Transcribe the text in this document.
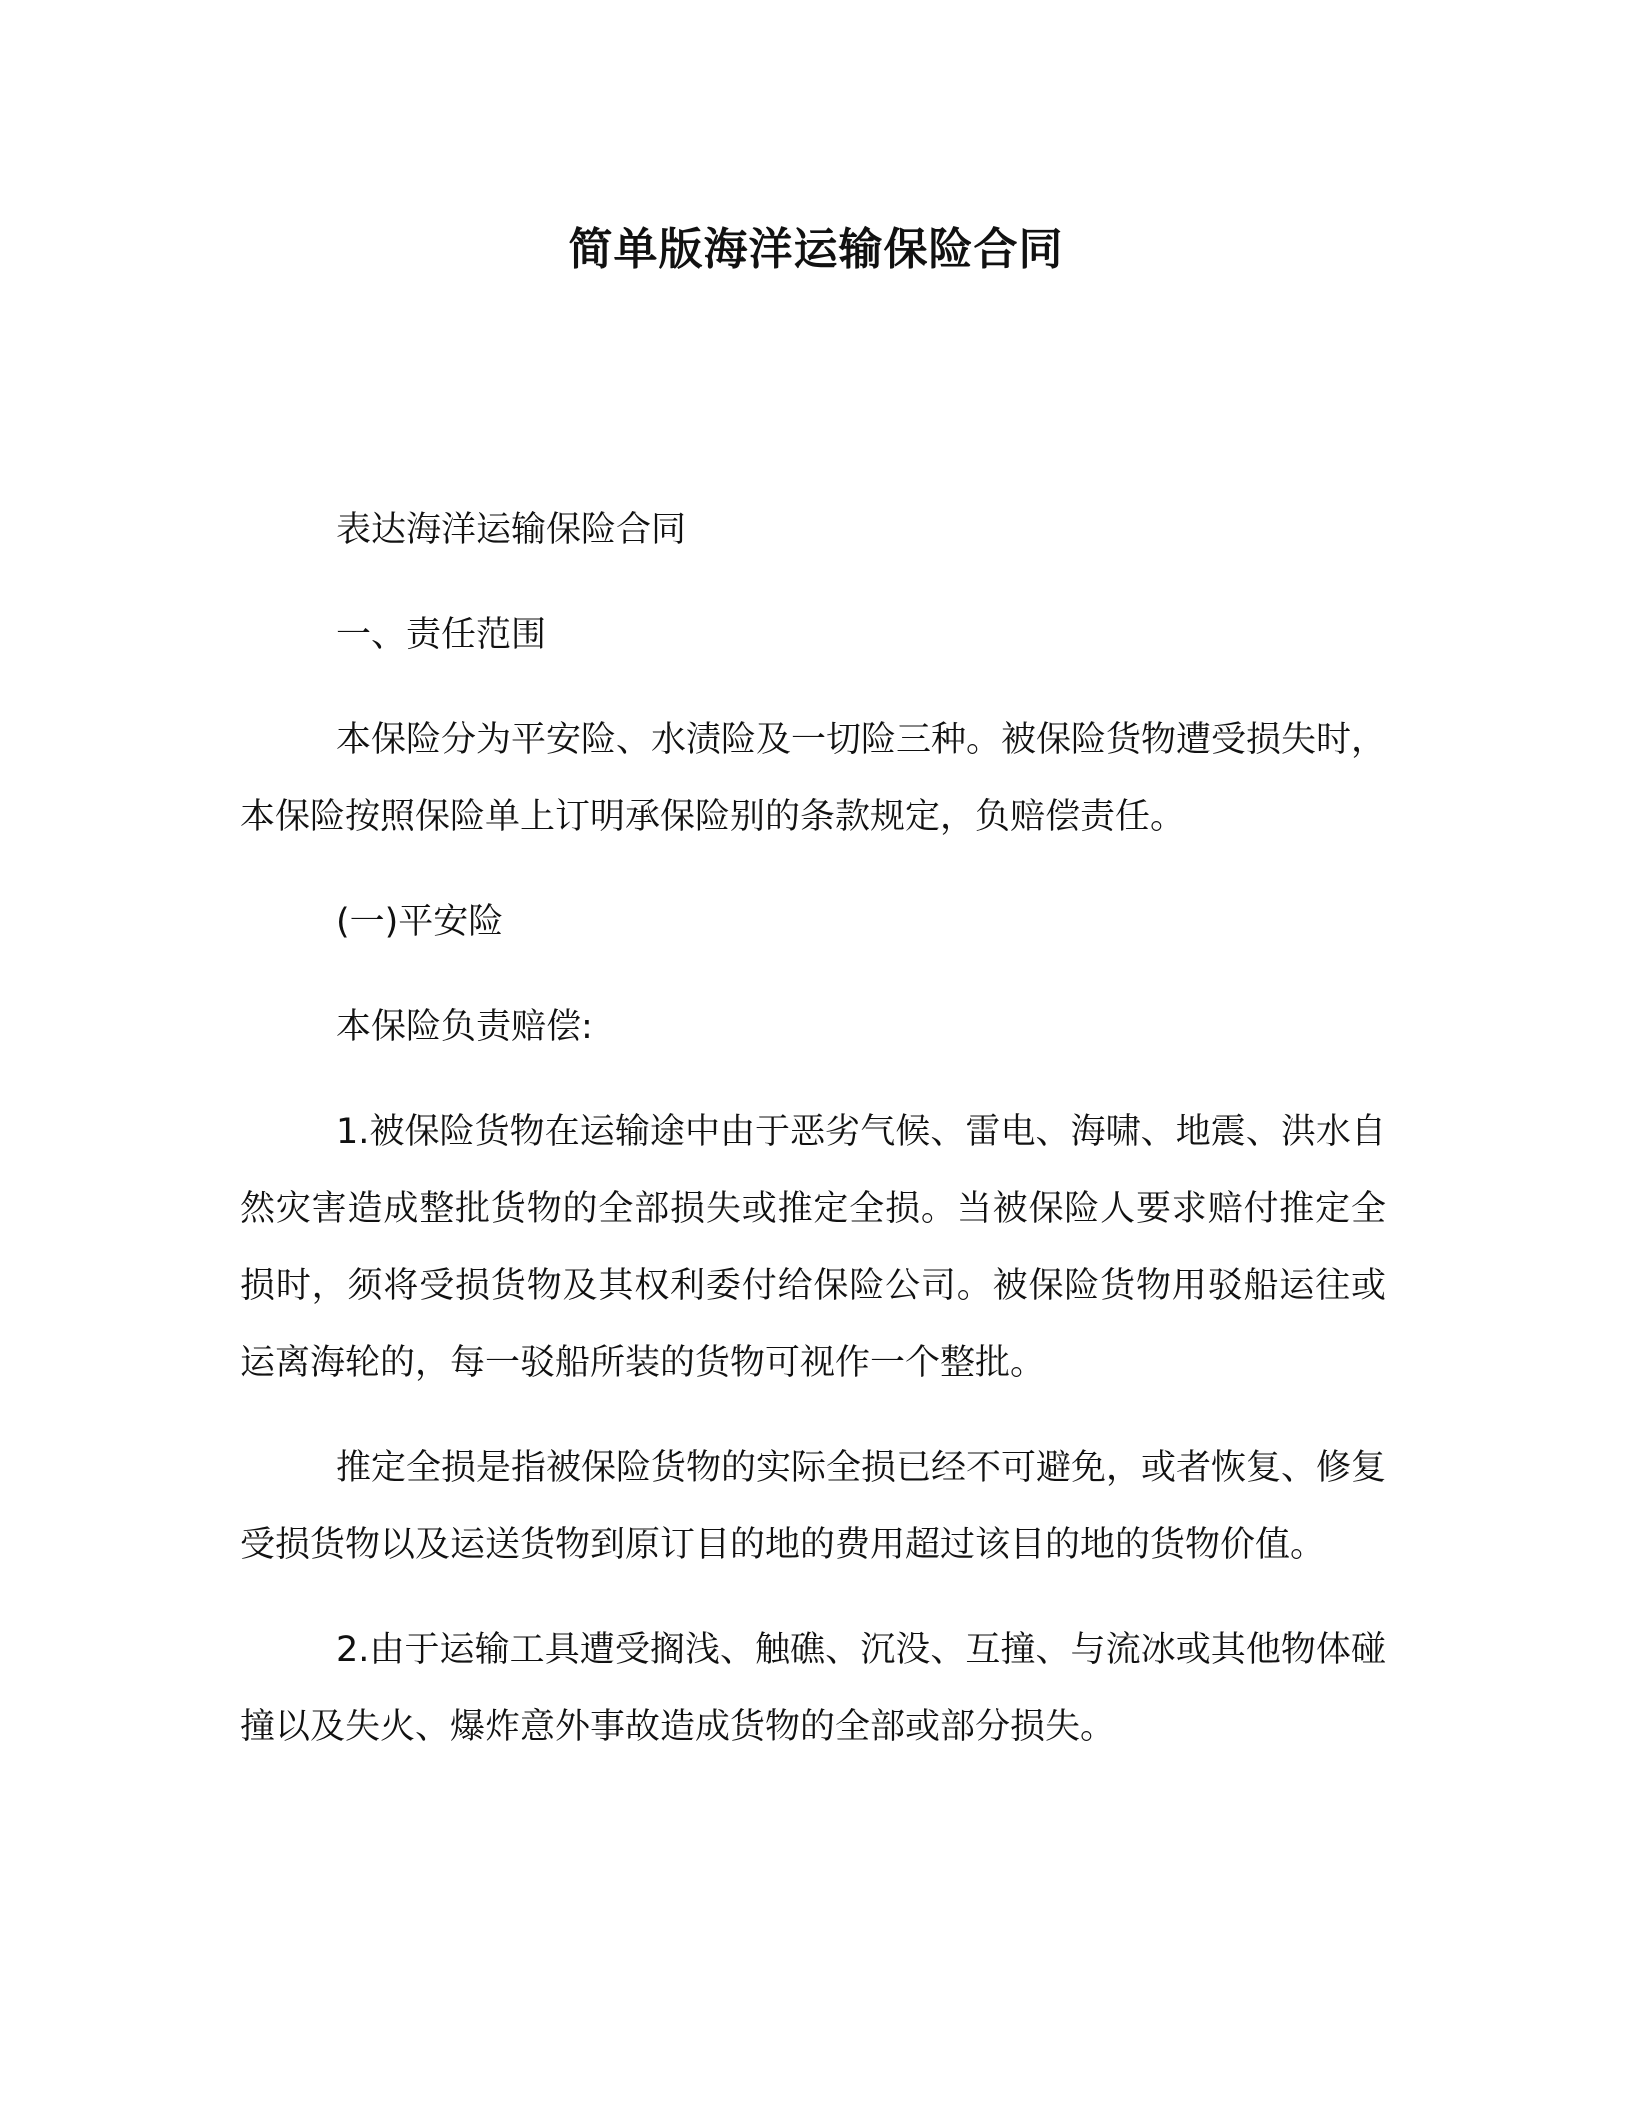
简单版海洋运输保险合同

表达海洋运输保险合同

一、责任范围

本保险分为平安险、水渍险及一切险三种。被保险货物遭受损失时，本保险按照保险单上订明承保险别的条款规定，负赔偿责任。

(一)平安险

本保险负责赔偿:

1.被保险货物在运输途中由于恶劣气候、雷电、海啸、地震、洪水自然灾害造成整批货物的全部损失或推定全损。当被保险人要求赔付推定全损时，须将受损货物及其权利委付给保险公司。被保险货物用驳船运往或运离海轮的，每一驳船所装的货物可视作一个整批。

推定全损是指被保险货物的实际全损已经不可避免，或者恢复、修复受损货物以及运送货物到原订目的地的费用超过该目的地的货物价值。

2.由于运输工具遭受搁浅、触礁、沉没、互撞、与流冰或其他物体碰撞以及失火、爆炸意外事故造成货物的全部或部分损失。
